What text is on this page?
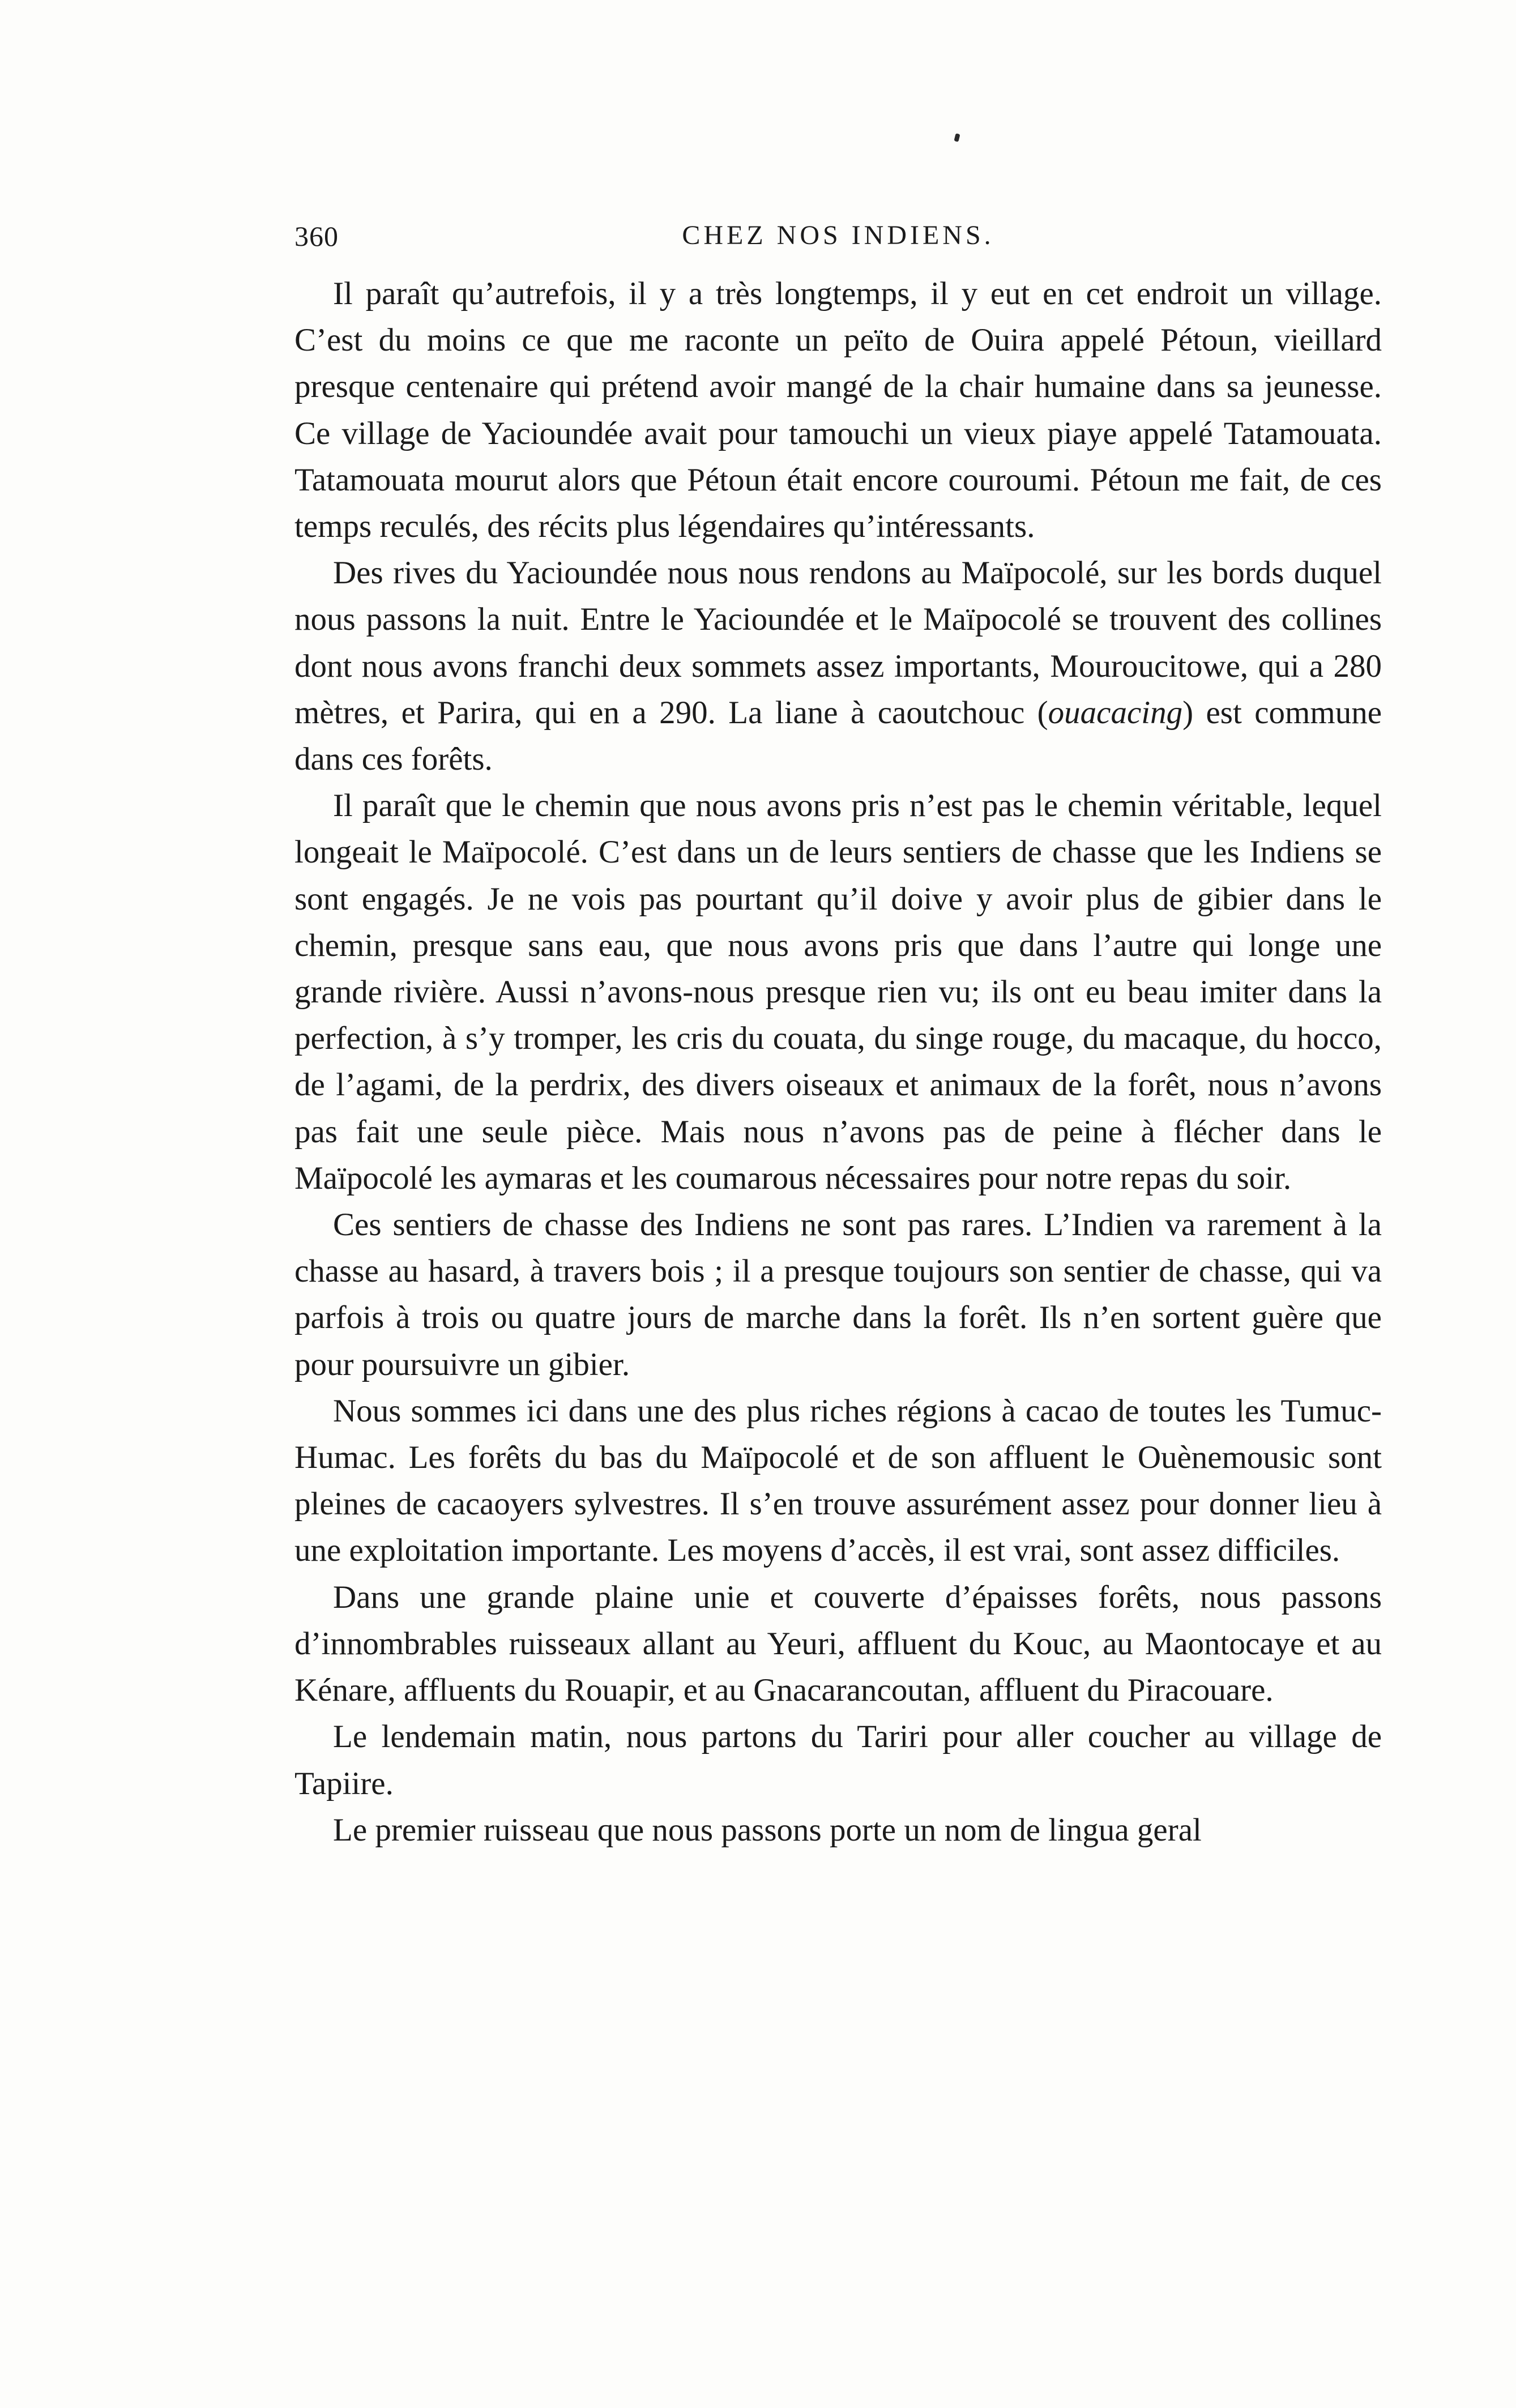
360	CHEZ NOS INDIENS.

Il paraît qu’autrefois, il y a très longtemps, il y eut en cet endroit un village. C’est du moins ce que me raconte un peïto de Ouira appelé Pétoun, vieillard presque centenaire qui prétend avoir mangé de la chair humaine dans sa jeunesse. Ce village de Yacioundée avait pour tamouchi un vieux piaye appelé Tatamouata. Tatamouata mourut alors que Pétoun était encore couroumi. Pétoun me fait, de ces temps reculés, des récits plus légendaires qu’intéressants.

Des rives du Yacioundée nous nous rendons au Maïpocolé, sur les bords duquel nous passons la nuit. Entre le Yacioundée et le Maïpocolé se trouvent des collines dont nous avons franchi deux sommets assez importants, Mouroucitowe, qui a 280 mètres, et Parira, qui en a 290. La liane à caoutchouc (ouacacing) est commune dans ces forêts.

Il paraît que le chemin que nous avons pris n’est pas le chemin véritable, lequel longeait le Maïpocolé. C’est dans un de leurs sentiers de chasse que les Indiens se sont engagés. Je ne vois pas pourtant qu’il doive y avoir plus de gibier dans le chemin, presque sans eau, que nous avons pris que dans l’autre qui longe une grande rivière. Aussi n’avons-nous presque rien vu; ils ont eu beau imiter dans la perfection, à s’y tromper, les cris du couata, du singe rouge, du macaque, du hocco, de l’agami, de la perdrix, des divers oiseaux et animaux de la forêt, nous n’avons pas fait une seule pièce. Mais nous n’avons pas de peine à flécher dans le Maïpocolé les aymaras et les coumarous nécessaires pour notre repas du soir.

Ces sentiers de chasse des Indiens ne sont pas rares. L’Indien va rarement à la chasse au hasard, à travers bois ; il a presque toujours son sentier de chasse, qui va parfois à trois ou quatre jours de marche dans la forêt. Ils n’en sortent guère que pour poursuivre un gibier.

Nous sommes ici dans une des plus riches régions à cacao de toutes les Tumuc-Humac. Les forêts du bas du Maïpocolé et de son affluent le Ouènemousic sont pleines de cacaoyers sylvestres. Il s’en trouve assurément assez pour donner lieu à une exploitation importante. Les moyens d’accès, il est vrai, sont assez difficiles.

Dans une grande plaine unie et couverte d’épaisses forêts, nous passons d’innombrables ruisseaux allant au Yeuri, affluent du Kouc, au Maontocaye et au Kénare, affluents du Rouapir, et au Gnacarancoutan, affluent du Piracouare.

Le lendemain matin, nous partons du Tariri pour aller coucher au village de Tapiire.

Le premier ruisseau que nous passons porte un nom de lingua geral
